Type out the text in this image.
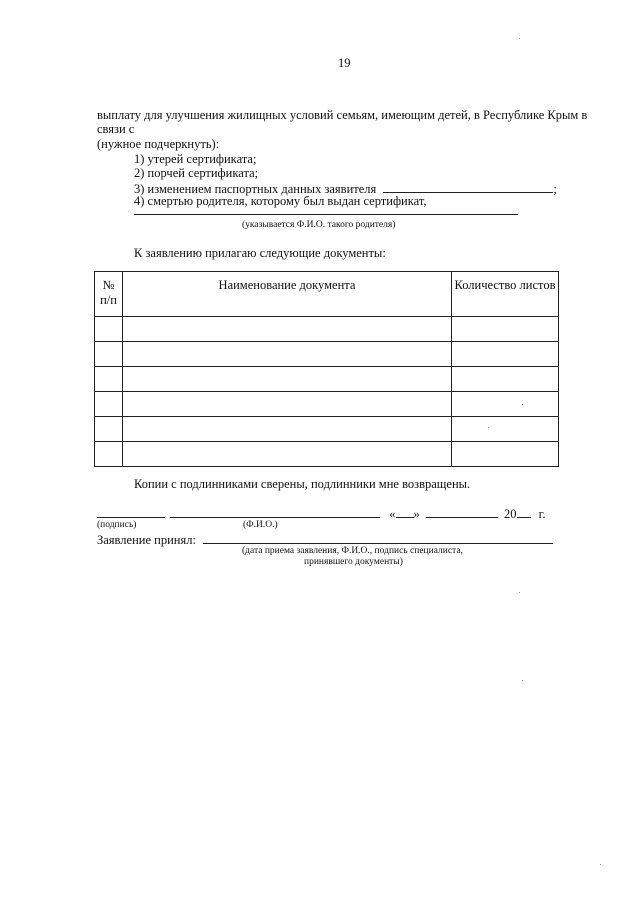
19
выплату для улучшения жилищных условий семьям, имеющим детей, в Республике Крым в
связи с
(нужное подчеркнуть):
1) утерей сертификата;
2) порчей сертификата;
3) изменением паспортных данных заявителя	;
4) смертью родителя, которому был выдан сертификат,
(указывается Ф.И.О. такого родителя)
К заявлению прилагаю следующие документы:
№ п/п	Наименование документа	Количество листов

Копии с подлинниками сверены, подлинники мне возвращены.
« »	20 г.
(подпись)	(Ф.И.О.)
Заявление принял:
(дата приема заявления, Ф.И.О., подпись специалиста,
принявшего документы)
